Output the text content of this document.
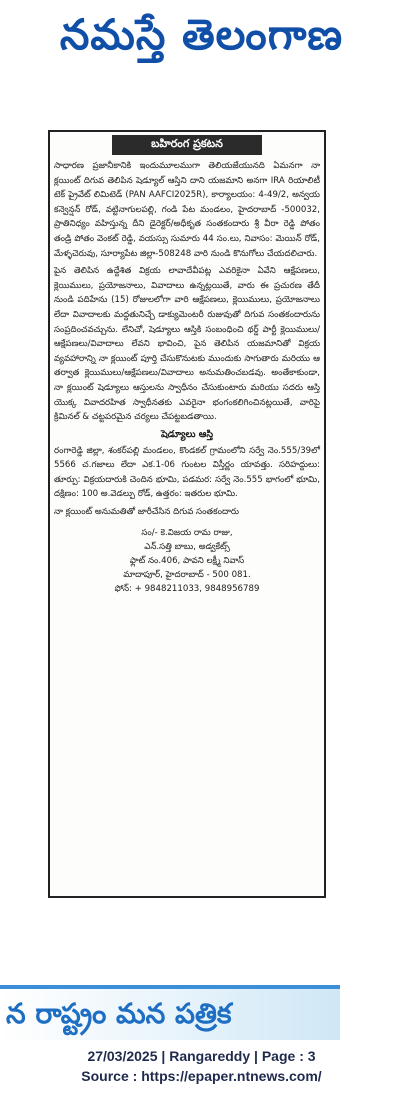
నమస్తే తెలంగాణ
బహిరంగ ప్రకటన

సాధారణ ప్రజానీకానికి ఇందుమూలముగా తెలియజేయునది ఏమనగా నా క్లయింట్ దిగువ తెలిపిన షెడ్యూల్ ఆస్తిని దాని యజమాని అనగా IRA రియాలిటీ టెక్ ప్రైవేట్ లిమిటెడ్ (PAN AAFCI2025R), కార్యాలయం: 4-49/2, అన్వయ కన్వెన్షన్ రోడ్, వట్టినాగులపల్లి, గండి పేట మండలం, హైదరాబాద్ -500032, ప్రాతినిధ్యం వహిస్తున్న దీని డైరెక్టర్/అధీకృత సంతకందారు శ్రీ వీరా రెడ్డి పోతం తండ్రి పోతం వెంకట్ రెడ్డి, వయస్సు సుమారు 44 సం.లు, నివాసం: మెయిన్ రోడ్, మేళ్ళచెరువు, సూర్యాపేట జిల్లా-508248 వారి నుండి కొనుగోలు చేయదలిచారు.

పైన తెలిపిన ఉద్దేశిత విక్రయ లావాదేవీపట్ల ఎవరికైనా ఏవేని ఆక్షేపణలు, క్లెయిములు, ప్రయోజనాలు, వివాదాలు ఉన్నట్లయితే, వారు ఈ ప్రచురణ తేదీ నుండి పదిహేను (15) రోజులలోగా వారి ఆక్షేపణలు, క్లెయిములు, ప్రయోజనాలు లేదా వివాదాలకు మద్దతునిచ్చే డాక్యుమెంటరీ రుజువుతో దిగువ సంతకందారును సంప్రదించవచ్చును. లేనిచో, షెడ్యూలు ఆస్తికి సంబంధించి థర్డ్ పార్టీ క్లెయిములు/ఆక్షేపణలు/వివాదాలు లేవని భావించి, పైన తెలిపిన యజమానితో విక్రయ వ్యవహారాన్ని నా క్లయింట్ పూర్తి చేసుకొనుటకు ముందుకు సాగుతారు మరియు ఆ తర్వాత క్లెయిములు/ఆక్షేపణలు/వివాదాలు అనుమతించబడవు. అంతేకాకుండా, నా క్లయింట్ షెడ్యూలు ఆస్తులను స్వాధీనం చేసుకుంటారు మరియు సదరు ఆస్తి యొక్క వివాదరహిత స్వాధీనతకు ఎవరైనా భంగంకలిగించినట్లయితే, వారిపై క్రిమినల్ & చట్టపరమైన చర్యలు చేపట్టబడతాయి.

షెడ్యూలు ఆస్తి

రంగారెడ్డి జిల్లా, శంకర్‌పల్లి మండలం, కొండకల్ గ్రామంలోని సర్వే నెం.555/39లో 5566 చ.గజాలు లేదా ఎక.1-06 గుంటల విస్తీర్ణం యావత్తు. సరిహద్దులు: తూర్పు: విక్రయదారుకి చెందిన భూమి, పడమర: సర్వే నెం.555 భాగంలో భూమి, దక్షిణం: 100 అ.వెడల్పు రోడ్, ఉత్తరం: ఇతరుల భూమి.

నా క్లయింట్ అనుమతితో జారీచేసిన దిగువ సంతకందారు

సం/- కె.విజయ రామ రాజు,
ఎన్.సత్తి బాబు, అడ్వకేట్స్
ఫ్లాట్ నం.406, పావని లక్ష్మీ నివాస్
మాదాపూర్, హైదరాబాద్ - 500 081.
ఫోన్: + 9848211033, 9848956789
న రాష్ట్రం మన పత్రిక
27/03/2025 | Rangareddy | Page : 3
Source : https://epaper.ntnews.com/
